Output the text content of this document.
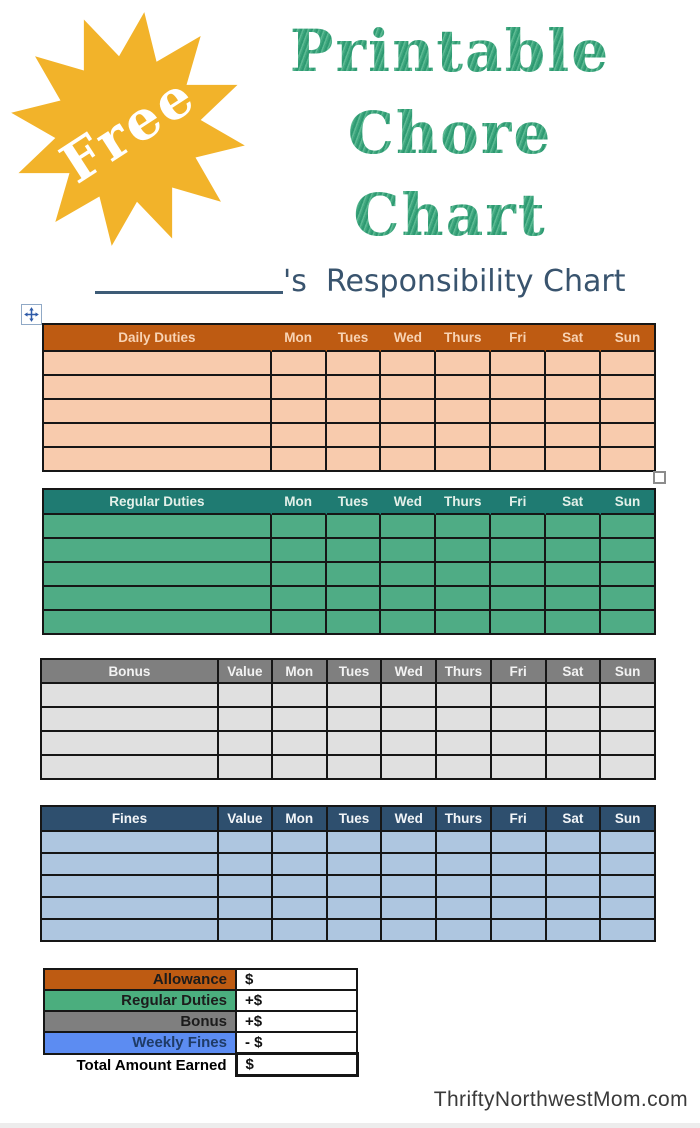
Free
Printable
Chore
Chart
's  Responsibility Chart
Daily Duties	Mon	Tues	Wed	Thurs	Fri	Sat	Sun

Regular Duties	Mon	Tues	Wed	Thurs	Fri	Sat	Sun

Bonus	Value	Mon	Tues	Wed	Thurs	Fri	Sat	Sun

Fines	Value	Mon	Tues	Wed	Thurs	Fri	Sat	Sun

Allowance	$
Regular Duties	+$
Bonus	+$
Weekly Fines	- $
Total Amount Earned	$
ThriftyNorthwestMom.com
